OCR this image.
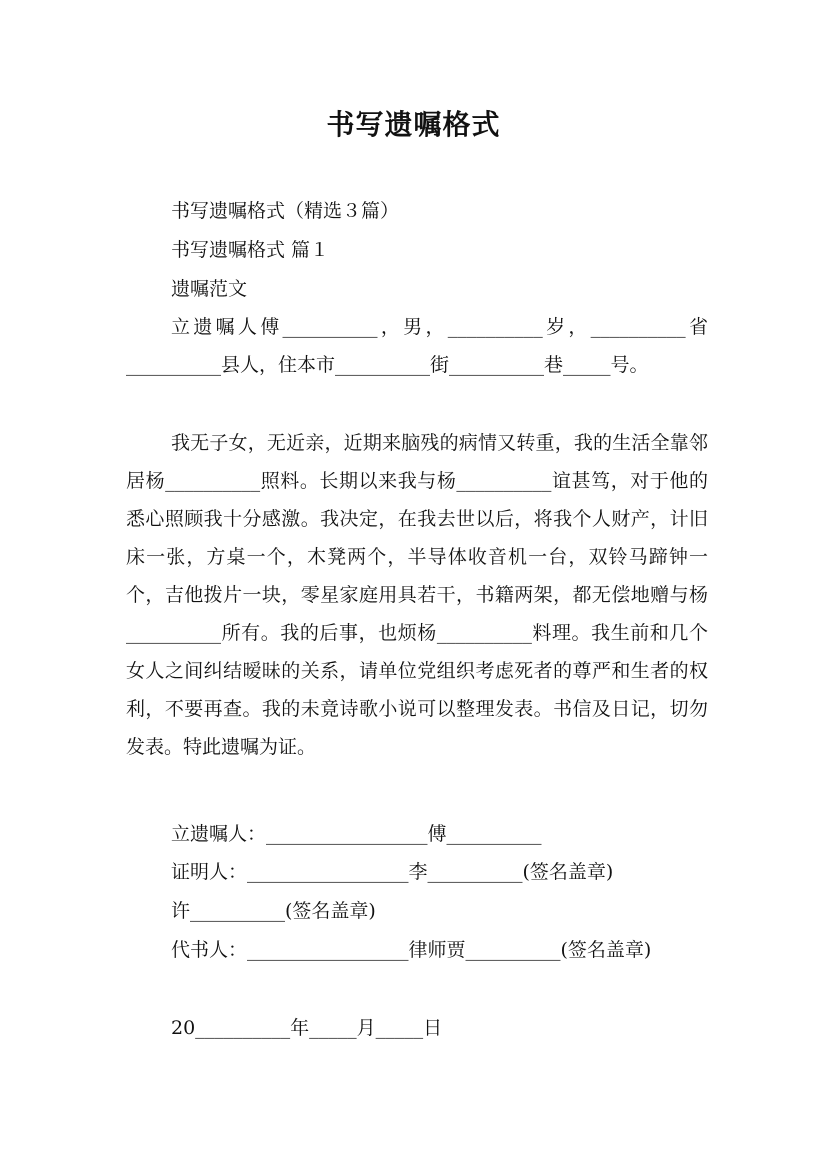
书写遗嘱格式
书写遗嘱格式（精选３篇）
书写遗嘱格式 篇１
遗嘱范文
立遗嘱人傅__________，男，__________岁，__________省__________县人，住本市__________街__________巷_____号。
我无子女，无近亲，近期来脑残的病情又转重，我的生活全靠邻居杨__________照料。长期以来我与杨__________谊甚笃，对于他的悉心照顾我十分感激。我决定，在我去世以后，将我个人财产，计旧床一张，方桌一个，木凳两个，半导体收音机一台，双铃马蹄钟一个，吉他拨片一块，零星家庭用具若干，书籍两架，都无偿地赠与杨__________所有。我的后事，也烦杨__________料理。我生前和几个女人之间纠结暧昧的关系，请单位党组织考虑死者的尊严和生者的权利，不要再查。我的未竟诗歌小说可以整理发表。书信及日记，切勿发表。特此遗嘱为证。
立遗嘱人：_________________傅__________
证明人：_________________李__________(签名盖章)
许__________(签名盖章)
代书人：_________________律师贾__________(签名盖章)
20__________年_____月_____日
